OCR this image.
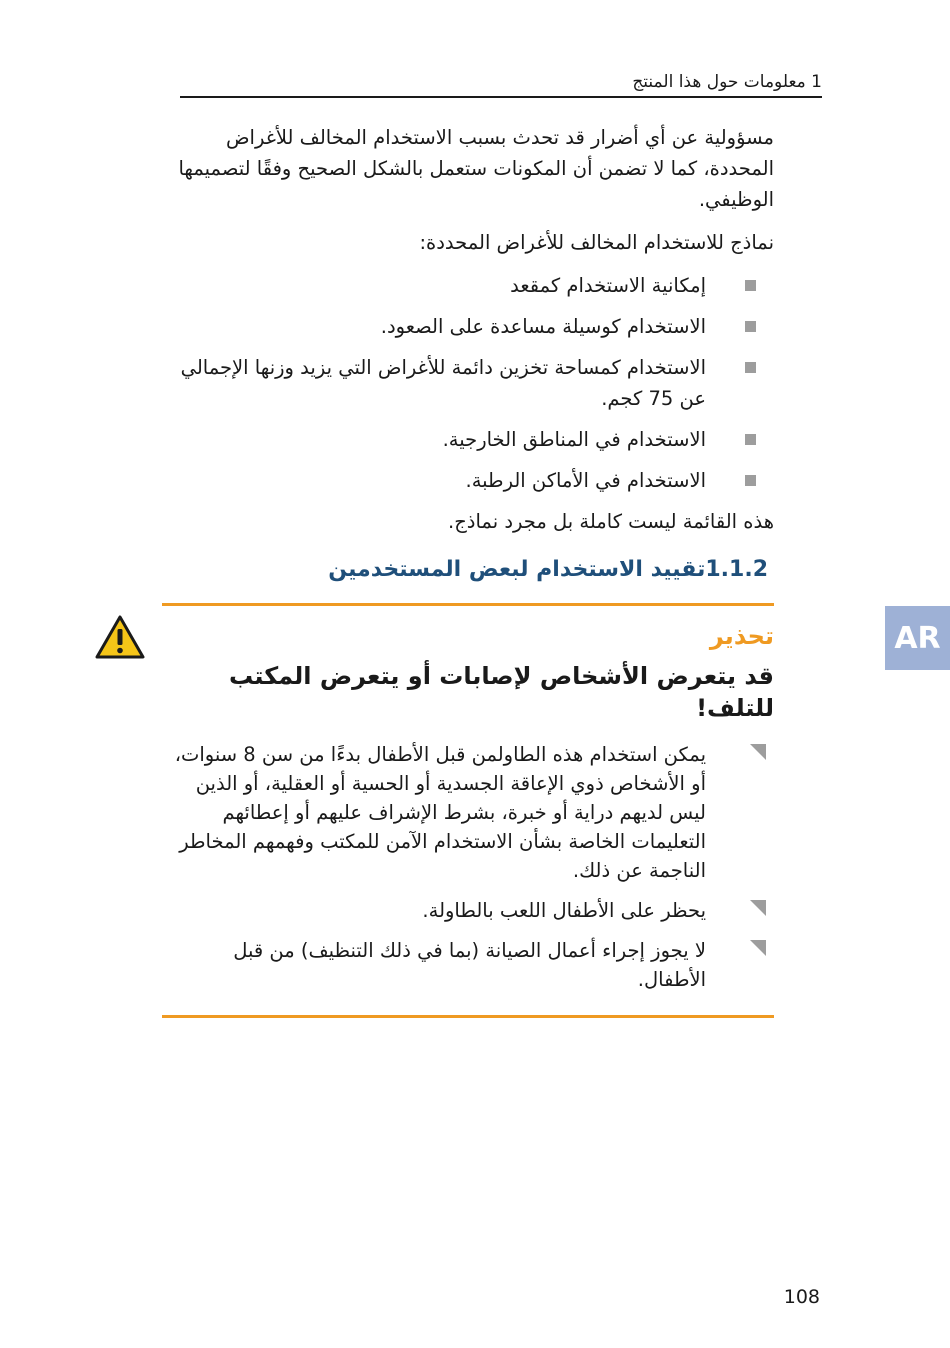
1 معلومات حول هذا المنتج

مسؤولية عن أي أضرار قد تحدث بسبب الاستخدام المخالف للأغراض المحددة، كما لا تضمن أن المكونات ستعمل بالشكل الصحيح وفقًا لتصميمها الوظيفي.

نماذج للاستخدام المخالف للأغراض المحددة:

إمكانية الاستخدام كمقعد
الاستخدام كوسيلة مساعدة على الصعود.
الاستخدام كمساحة تخزين دائمة للأغراض التي يزيد وزنها الإجمالي عن 75 كجم.
الاستخدام في المناطق الخارجية.
الاستخدام في الأماكن الرطبة.

هذه القائمة ليست كاملة بل مجرد نماذج.

1.1.2تقييد الاستخدام لبعض المستخدمين
تحذير
قد يتعرض الأشخاص لإصابات أو يتعرض المكتب للتلف!
يمكن استخدام هذه الطاولمن قبل الأطفال بدءًا من سن 8 سنوات، أو الأشخاص ذوي الإعاقة الجسدية أو الحسية أو العقلية، أو الذين ليس لديهم دراية أو خبرة، بشرط الإشراف عليهم أو إعطائهم التعليمات الخاصة بشأن الاستخدام الآمن للمكتب وفهمهم المخاطر الناجمة عن ذلك.
يحظر على الأطفال اللعب بالطاولة.
لا يجوز إجراء أعمال الصيانة (بما في ذلك التنظيف) من قبل الأطفال.
AR
108
